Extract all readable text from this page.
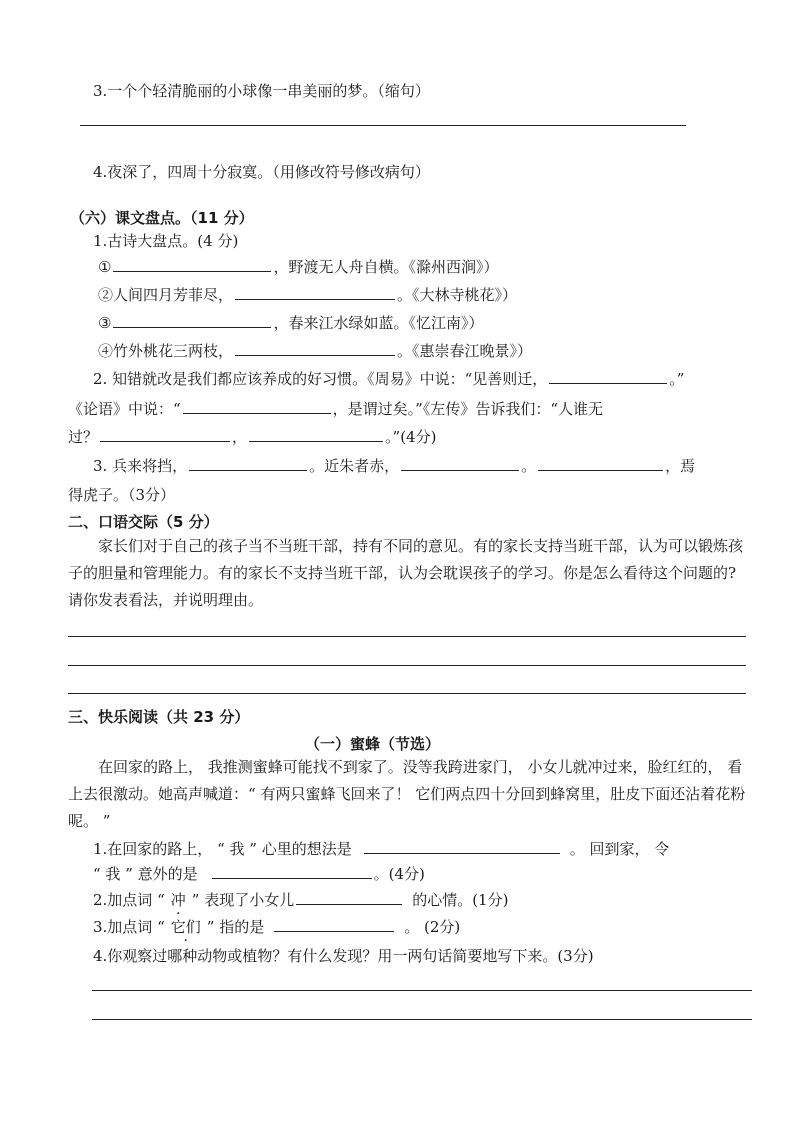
3.一个个轻清脆丽的小球像一串美丽的梦。（缩句）
4.夜深了，四周十分寂寞。（用修改符号修改病句）
（六）课文盘点。（11 分）
1.古诗大盘点。(4 分)
①	，野渡无人舟自横。《滁州西涧》）
②人间四月芳菲尽，	。《大林寺桃花》）
③	，春来江水绿如蓝。《忆江南》）
④竹外桃花三两枝，	。《惠崇春江晚景》）
2. 知错就改是我们都应该养成的好习惯。《周易》中说：“见善则迁，	。”
《论语》中说：“	，是谓过矣。”《左传》告诉我们：“人谁无
过？	，	。”(4分)
3. 兵来将挡，	。近朱者赤，	。	，焉
得虎子。（3分）
二、口语交际（5 分）
家长们对于自己的孩子当不当班干部，持有不同的意见。有的家长支持当班干部，认为可以锻炼孩子的胆量和管理能力。有的家长不支持当班干部，认为会耽误孩子的学习。你是怎么看待这个问题的?请你发表看法，并说明理由。
三、快乐阅读（共 23 分）
（一）蜜蜂（节选）
在回家的路上， 我推测蜜蜂可能找不到家了。没等我跨进家门， 小女儿就冲过来，脸红红的， 看上去很激动。她高声喊道：“ 有两只蜜蜂飞回来了！ 它们两点四十分回到蜂窝里，肚皮下面还沾着花粉呢。 ”
1.在回家的路上， “ 我 ” 心里的想法是	。 回到家， 令
“ 我 ” 意外的是	。(4分)
2.加点词 “ 冲 ” 表现了小女儿	的心情。(1分)
3.加点词 “ 它们 ” 指的是	。 (2分)
4.你观察过哪种动物或植物？有什么发现？用一两句话简要地写下来。(3分)
